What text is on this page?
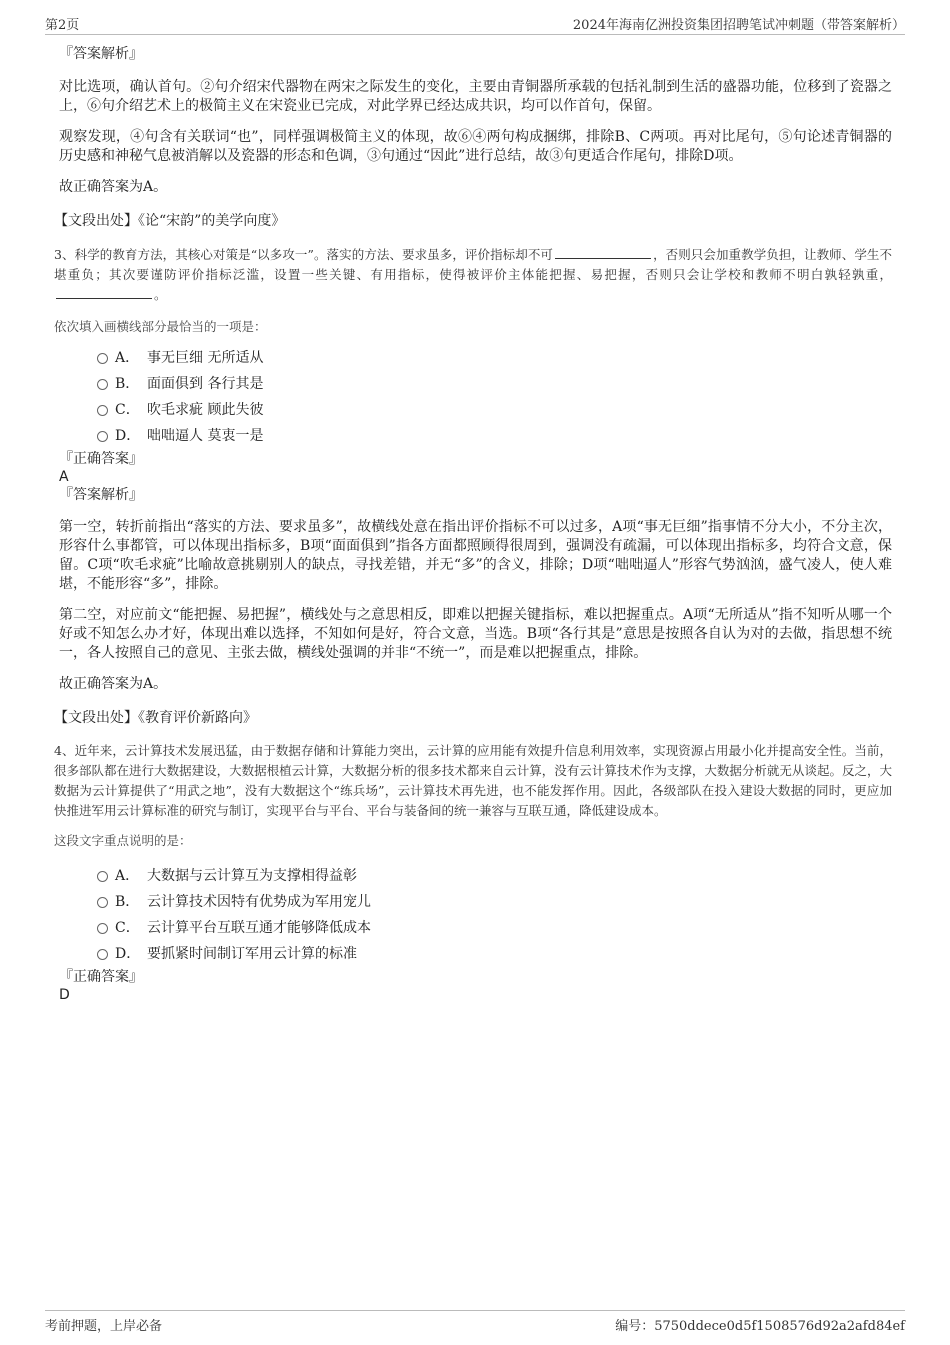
第2页	2024年海南亿洲投资集团招聘笔试冲刺题（带答案解析）
『答案解析』

对比选项，确认首句。②句介绍宋代器物在两宋之际发生的变化，主要由青铜器所承载的包括礼制到生活的盛器功能，位移到了瓷器之上，⑥句介绍艺术上的极简主义在宋瓷业已完成，对此学界已经达成共识，均可以作首句，保留。

观察发现，④句含有关联词“也”，同样强调极简主义的体现，故⑥④两句构成捆绑，排除B、C两项。再对比尾句，⑤句论述青铜器的历史感和神秘气息被消解以及瓷器的形态和色调，③句通过“因此”进行总结，故③句更适合作尾句，排除D项。

故正确答案为A。

【文段出处】《论“宋韵”的美学向度》

3、科学的教育方法，其核心对策是“以多攻一”。落实的方法、要求虽多，评价指标却不可	，否则只会加重教学负担，让教师、学生不堪重负；其次要谨防评价指标泛滥，设置一些关键、有用指标，使得被评价主体能把握、易把握，否则只会让学校和教师不明白孰轻孰重，。

依次填入画横线部分最恰当的一项是：
A． 事无巨细 无所适从
B． 面面俱到 各行其是
C． 吹毛求疵 顾此失彼
D． 咄咄逼人 莫衷一是
『正确答案』
A
『答案解析』

第一空，转折前指出“落实的方法、要求虽多”，故横线处意在指出评价指标不可以过多，A项“事无巨细”指事情不分大小，不分主次，形容什么事都管，可以体现出指标多，B项“面面俱到”指各方面都照顾得很周到，强调没有疏漏，可以体现出指标多，均符合文意，保留。C项“吹毛求疵”比喻故意挑剔别人的缺点，寻找差错，并无“多”的含义，排除；D项“咄咄逼人”形容气势汹汹，盛气凌人，使人难堪，不能形容“多”，排除。

第二空，对应前文“能把握、易把握”，横线处与之意思相反，即难以把握关键指标，难以把握重点。A项“无所适从”指不知听从哪一个好或不知怎么办才好，体现出难以选择，不知如何是好，符合文意，当选。B项“各行其是”意思是按照各自认为对的去做，指思想不统一，各人按照自己的意见、主张去做，横线处强调的并非“不统一”，而是难以把握重点，排除。

故正确答案为A。

【文段出处】《教育评价新路向》

4、近年来，云计算技术发展迅猛，由于数据存储和计算能力突出，云计算的应用能有效提升信息利用效率，实现资源占用最小化并提高安全性。当前，很多部队都在进行大数据建设，大数据根植云计算，大数据分析的很多技术都来自云计算，没有云计算技术作为支撑，大数据分析就无从谈起。反之，大数据为云计算提供了“用武之地”，没有大数据这个“练兵场”，云计算技术再先进，也不能发挥作用。因此，各级部队在投入建设大数据的同时，更应加快推进军用云计算标准的研究与制订，实现平台与平台、平台与装备间的统一兼容与互联互通，降低建设成本。

这段文字重点说明的是：
A． 大数据与云计算互为支撑相得益彰
B． 云计算技术因特有优势成为军用宠儿
C． 云计算平台互联互通才能够降低成本
D． 要抓紧时间制订军用云计算的标准
『正确答案』
D
考前押题，上岸必备	编号：5750ddece0d5f1508576d92a2afd84ef
